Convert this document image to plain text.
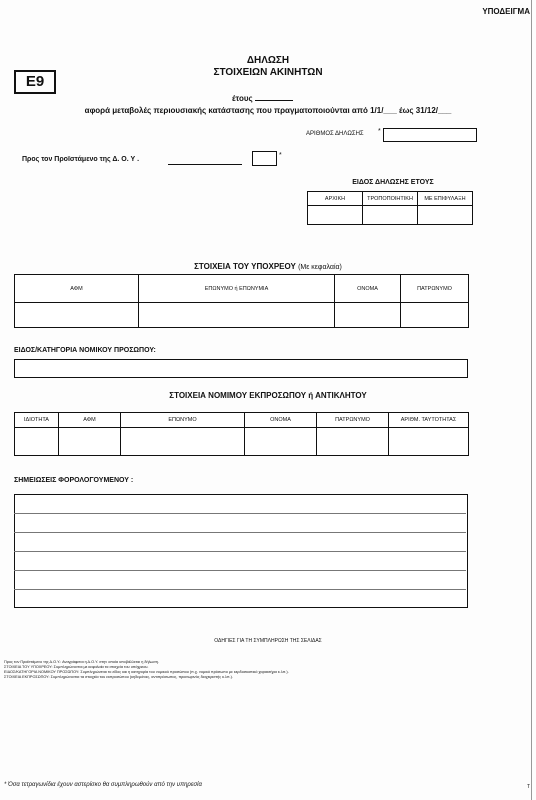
ΥΠΟΔΕΙΓΜΑ
Ε9
ΔΗΛΩΣΗ
ΣΤΟΙΧΕΙΩΝ ΑΚΙΝΗΤΩΝ
έτους
αφορά μεταβολές περιουσιακής κατάστασης που πραγματοποιούνται από 1/1/___ έως 31/12/___
ΑΡΙΘΜΟΣ ΔΗΛΩΣΗΣ *
Προς τον Προϊστάμενο της Δ. Ο. Υ .
*
ΕΙΔΟΣ ΔΗΛΩΣΗΣ ΕΤΟΥΣ
ΑΡΧΙΚΗ	ΤΡΟΠΟΠΟΙΗΤΙΚΗ	ΜΕ ΕΠΙΦΥΛΑΞΗ

ΣΤΟΙΧΕΙΑ ΤΟΥ ΥΠΟΧΡΕΟΥ (Με κεφαλαία)
ΑΦΜ	ΕΠΩΝΥΜΟ ή ΕΠΩΝΥΜΙΑ	ΟΝΟΜΑ	ΠΑΤΡΩΝΥΜΟ

ΕΙΔΟΣ/ΚΑΤΗΓΟΡΙΑ ΝΟΜΙΚΟΥ ΠΡΟΣΩΠΟΥ:
ΣΤΟΙΧΕΙΑ ΝΟΜΙΜΟΥ ΕΚΠΡΟΣΩΠΟΥ ή ΑΝΤΙΚΛΗΤΟΥ
ΙΔΙΟΤΗΤΑ	ΑΦΜ	ΕΠΩΝΥΜΟ	ΟΝΟΜΑ	ΠΑΤΡΩΝΥΜΟ	ΑΡΙΘΜ. ΤΑΥΤΟΤΗΤΑΣ

ΣΗΜΕΙΩΣΕΙΣ ΦΟΡΟΛΟΓΟΥΜΕΝΟΥ :
ΟΔΗΓΙΕΣ ΓΙΑ ΤΗ ΣΥΜΠΛΗΡΩΣΗ ΤΗΣ ΣΕΛΙΔΑΣ
Προς τον Προϊστάμενο της Δ.Ο.Υ.: Αναγράφεται η Δ.Ο.Υ. στην οποία υποβάλλεται η δήλωση.
ΣΤΟΙΧΕΙΑ ΤΟΥ ΥΠΟΧΡΕΟΥ: Συμπληρώνονται με κεφαλαία τα στοιχεία του υπόχρεου.
ΕΙΔΟΣ/ΚΑΤΗΓΟΡΙΑ ΝΟΜΙΚΟΥ ΠΡΟΣΩΠΟΥ: Συμπληρώνεται το είδος και η κατηγορία του νομικού προσώπου (π.χ. νομικό πρόσωπο με κερδοσκοπικό χαρακτήρα κ.λπ.).
ΣΤΟΙΧΕΙΑ ΕΚΠΡΟΣΩΠΟΥ: Συμπληρώνονται τα στοιχεία του εκπροσώπου (κηδεμόνας, αντιπρόσωπος, προσωρινός διαχειριστής κ.λπ.).
* Όσα τετραγωνίδια έχουν αστερίσκο θα συμπληρωθούν από την υπηρεσία	Τ
